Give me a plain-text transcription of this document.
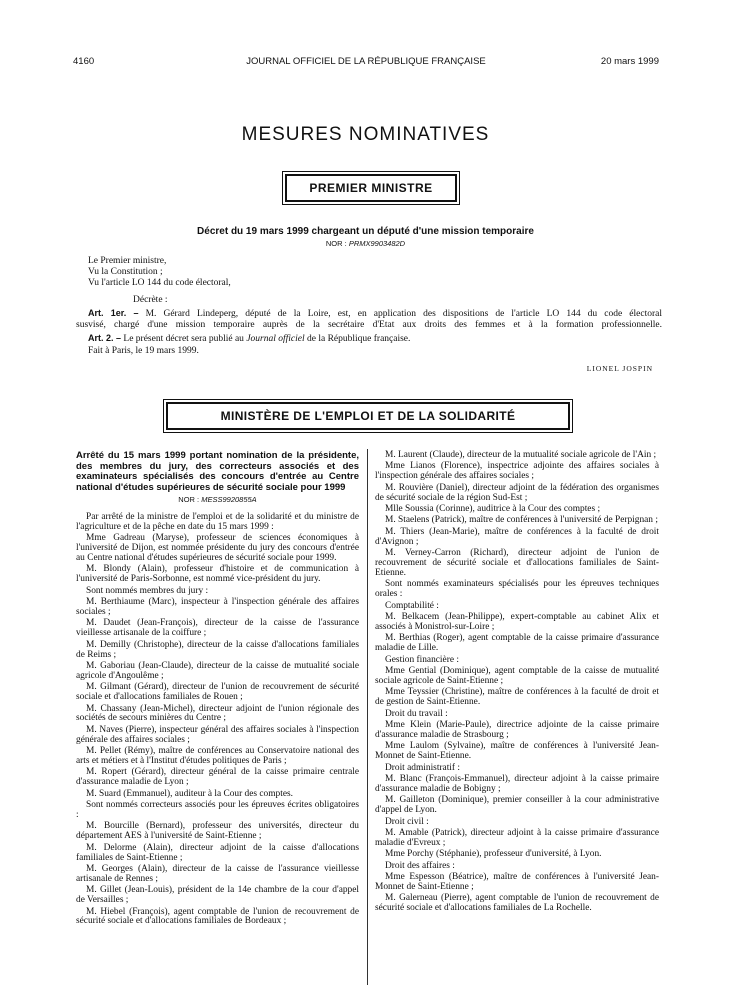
4160	JOURNAL OFFICIEL DE LA RÉPUBLIQUE FRANÇAISE	20 mars 1999
MESURES NOMINATIVES
PREMIER MINISTRE
Décret du 19 mars 1999 chargeant un député d'une mission temporaire
NOR : PRMX9903482D
Le Premier ministre,
Vu la Constitution ;
Vu l'article LO 144 du code électoral,
Décrète :
Art. 1er. – M. Gérard Lindeperg, député de la Loire, est, en application des dispositions de l'article LO 144 du code électoral
susvisé, chargé d'une mission temporaire auprès de la secrétaire d'Etat aux droits des femmes et à la formation professionnelle.
Art. 2. – Le présent décret sera publié au Journal officiel de la République française.
Fait à Paris, le 19 mars 1999.
LIONEL JOSPIN
MINISTÈRE DE L'EMPLOI ET DE LA SOLIDARITÉ
Arrêté du 15 mars 1999 portant nomination de la présidente, des membres du jury, des correcteurs associés et des examinateurs spécialisés des concours d'entrée au Centre national d'études supérieures de sécurité sociale pour 1999
NOR : MESS9920855A

Par arrêté de la ministre de l'emploi et de la solidarité et du ministre de l'agriculture et de la pêche en date du 15 mars 1999 :

Mme Gadreau (Maryse), professeur de sciences économiques à l'université de Dijon, est nommée présidente du jury des concours d'entrée au Centre national d'études supérieures de sécurité sociale pour 1999.

M. Blondy (Alain), professeur d'histoire et de communication à l'université de Paris-Sorbonne, est nommé vice-président du jury.

Sont nommés membres du jury :

M. Berthiaume (Marc), inspecteur à l'inspection générale des affaires sociales ;

M. Daudet (Jean-François), directeur de la caisse de l'assurance vieillesse artisanale de la coiffure ;

M. Demilly (Christophe), directeur de la caisse d'allocations familiales de Reims ;

M. Gaboriau (Jean-Claude), directeur de la caisse de mutualité sociale agricole d'Angoulême ;

M. Gilmant (Gérard), directeur de l'union de recouvrement de sécurité sociale et d'allocations familiales de Rouen ;

M. Chassany (Jean-Michel), directeur adjoint de l'union régionale des sociétés de secours minières du Centre ;

M. Naves (Pierre), inspecteur général des affaires sociales à l'inspection générale des affaires sociales ;

M. Pellet (Rémy), maître de conférences au Conservatoire national des arts et métiers et à l'Institut d'études politiques de Paris ;

M. Ropert (Gérard), directeur général de la caisse primaire centrale d'assurance maladie de Lyon ;

M. Suard (Emmanuel), auditeur à la Cour des comptes.

Sont nommés correcteurs associés pour les épreuves écrites obligatoires :

M. Bourcille (Bernard), professeur des universités, directeur du département AES à l'université de Saint-Etienne ;

M. Delorme (Alain), directeur adjoint de la caisse d'allocations familiales de Saint-Etienne ;

M. Georges (Alain), directeur de la caisse de l'assurance vieillesse artisanale de Rennes ;

M. Gillet (Jean-Louis), président de la 14e chambre de la cour d'appel de Versailles ;

M. Hiebel (François), agent comptable de l'union de recouvrement de sécurité sociale et d'allocations familiales de Bordeaux ;

M. Laurent (Claude), directeur de la mutualité sociale agricole de l'Ain ;

Mme Lianos (Florence), inspectrice adjointe des affaires sociales à l'inspection générale des affaires sociales ;

M. Rouvière (Daniel), directeur adjoint de la fédération des organismes de sécurité sociale de la région Sud-Est ;

Mlle Soussia (Corinne), auditrice à la Cour des comptes ;

M. Staelens (Patrick), maître de conférences à l'université de Perpignan ;

M. Thiers (Jean-Marie), maître de conférences à la faculté de droit d'Avignon ;

M. Verney-Carron (Richard), directeur adjoint de l'union de recouvrement de sécurité sociale et d'allocations familiales de Saint-Etienne.

Sont nommés examinateurs spécialisés pour les épreuves techniques orales :

Comptabilité :

M. Belkacem (Jean-Philippe), expert-comptable au cabinet Alix et associés à Monistrol-sur-Loire ;

M. Berthias (Roger), agent comptable de la caisse primaire d'assurance maladie de Lille.

Gestion financière :

Mme Gential (Dominique), agent comptable de la caisse de mutualité sociale agricole de Saint-Etienne ;

Mme Teyssier (Christine), maître de conférences à la faculté de droit et de gestion de Saint-Etienne.

Droit du travail :

Mme Klein (Marie-Paule), directrice adjointe de la caisse primaire d'assurance maladie de Strasbourg ;

Mme Laulom (Sylvaine), maître de conférences à l'université Jean-Monnet de Saint-Etienne.

Droit administratif :

M. Blanc (François-Emmanuel), directeur adjoint à la caisse primaire d'assurance maladie de Bobigny ;

M. Gailleton (Dominique), premier conseiller à la cour administrative d'appel de Lyon.

Droit civil :

M. Amable (Patrick), directeur adjoint à la caisse primaire d'assurance maladie d'Evreux ;

Mme Porchy (Stéphanie), professeur d'université, à Lyon.

Droit des affaires :

Mme Espesson (Béatrice), maître de conférences à l'université Jean-Monnet de Saint-Etienne ;

M. Galerneau (Pierre), agent comptable de l'union de recouvrement de sécurité sociale et d'allocations familiales de La Rochelle.
